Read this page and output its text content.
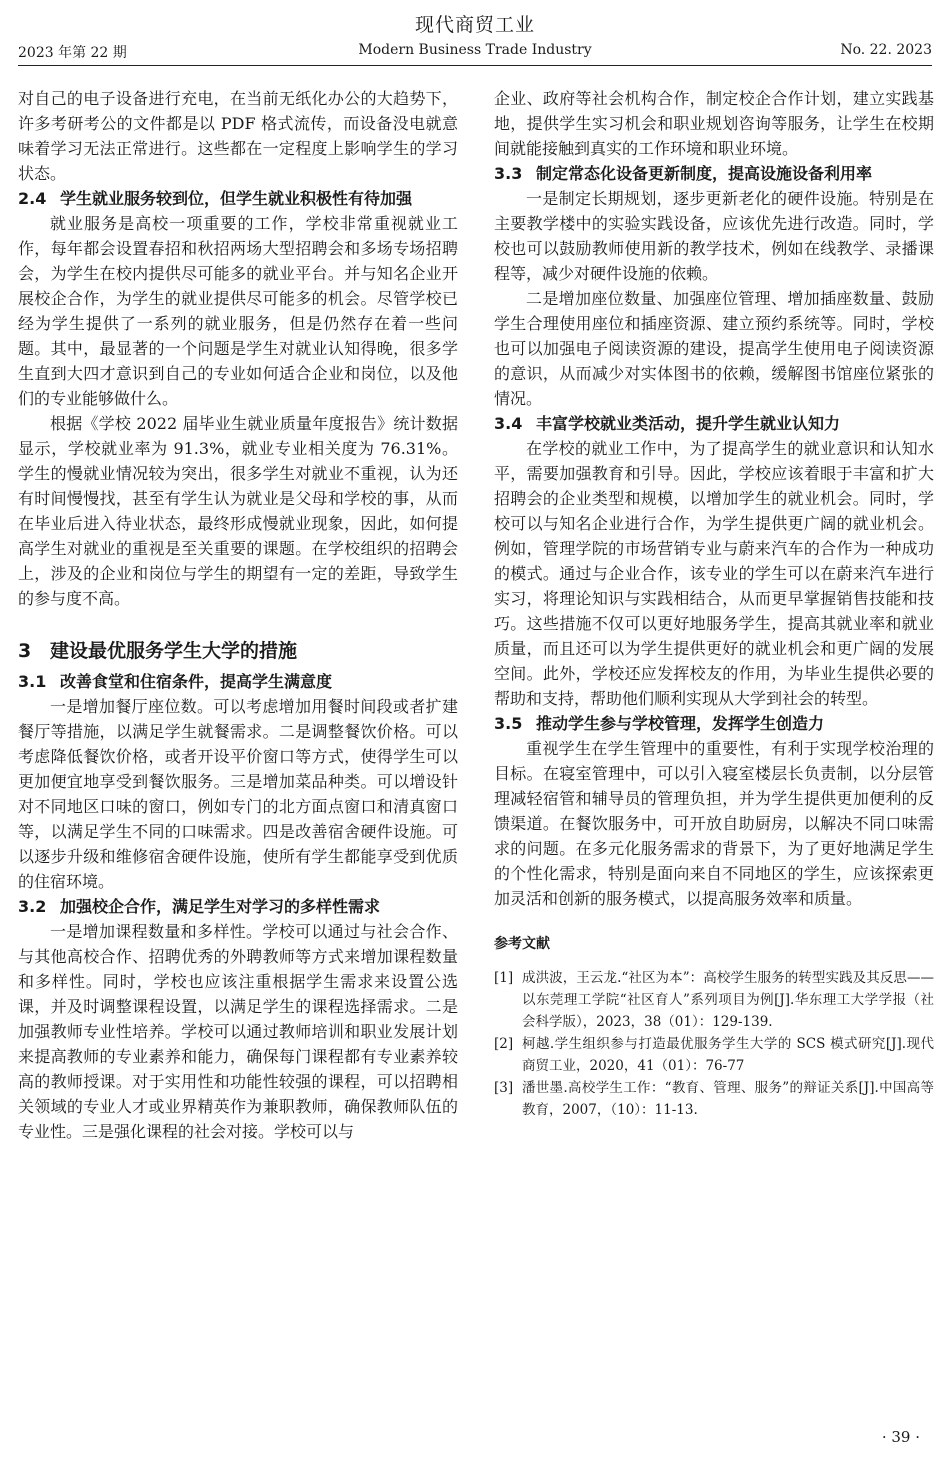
现代商贸工业
Modern Business Trade Industry
2023 年第 22 期	No. 22. 2023

对自己的电子设备进行充电，在当前无纸化办公的大趋势下，许多考研考公的文件都是以 PDF 格式流传，而设备没电就意味着学习无法正常进行。这些都在一定程度上影响学生的学习状态。

2.4 学生就业服务较到位，但学生就业积极性有待加强

就业服务是高校一项重要的工作，学校非常重视就业工作，每年都会设置春招和秋招两场大型招聘会和多场专场招聘会，为学生在校内提供尽可能多的就业平台。并与知名企业开展校企合作，为学生的就业提供尽可能多的机会。尽管学校已经为学生提供了一系列的就业服务，但是仍然存在着一些问题。其中，最显著的一个问题是学生对就业认知得晚，很多学生直到大四才意识到自己的专业如何适合企业和岗位，以及他们的专业能够做什么。

根据《学校 2022 届毕业生就业质量年度报告》统计数据显示，学校就业率为 91.3%，就业专业相关度为 76.31%。学生的慢就业情况较为突出，很多学生对就业不重视，认为还有时间慢慢找，甚至有学生认为就业是父母和学校的事，从而在毕业后进入待业状态，最终形成慢就业现象，因此，如何提高学生对就业的重视是至关重要的课题。在学校组织的招聘会上，涉及的企业和岗位与学生的期望有一定的差距，导致学生的参与度不高。

3 建设最优服务学生大学的措施
3.1 改善食堂和住宿条件，提高学生满意度

一是增加餐厅座位数。可以考虑增加用餐时间段或者扩建餐厅等措施，以满足学生就餐需求。二是调整餐饮价格。可以考虑降低餐饮价格，或者开设平价窗口等方式，使得学生可以更加便宜地享受到餐饮服务。三是增加菜品种类。可以增设针对不同地区口味的窗口，例如专门的北方面点窗口和清真窗口等，以满足学生不同的口味需求。四是改善宿舍硬件设施。可以逐步升级和维修宿舍硬件设施，使所有学生都能享受到优质的住宿环境。

3.2 加强校企合作，满足学生对学习的多样性需求

一是增加课程数量和多样性。学校可以通过与社会合作、与其他高校合作、招聘优秀的外聘教师等方式来增加课程数量和多样性。同时，学校也应该注重根据学生需求来设置公选课，并及时调整课程设置，以满足学生的课程选择需求。二是加强教师专业性培养。学校可以通过教师培训和职业发展计划来提高教师的专业素养和能力，确保每门课程都有专业素养较高的教师授课。对于实用性和功能性较强的课程，可以招聘相关领域的专业人才或业界精英作为兼职教师，确保教师队伍的专业性。三是强化课程的社会对接。学校可以与

企业、政府等社会机构合作，制定校企合作计划，建立实践基地，提供学生实习机会和职业规划咨询等服务，让学生在校期间就能接触到真实的工作环境和职业环境。

3.3 制定常态化设备更新制度，提高设施设备利用率

一是制定长期规划，逐步更新老化的硬件设施。特别是在主要教学楼中的实验实践设备，应该优先进行改造。同时，学校也可以鼓励教师使用新的教学技术，例如在线教学、录播课程等，减少对硬件设施的依赖。

二是增加座位数量、加强座位管理、增加插座数量、鼓励学生合理使用座位和插座资源、建立预约系统等。同时，学校也可以加强电子阅读资源的建设，提高学生使用电子阅读资源的意识，从而减少对实体图书的依赖，缓解图书馆座位紧张的情况。

3.4 丰富学校就业类活动，提升学生就业认知力

在学校的就业工作中，为了提高学生的就业意识和认知水平，需要加强教育和引导。因此，学校应该着眼于丰富和扩大招聘会的企业类型和规模，以增加学生的就业机会。同时，学校可以与知名企业进行合作，为学生提供更广阔的就业机会。例如，管理学院的市场营销专业与蔚来汽车的合作为一种成功的模式。通过与企业合作，该专业的学生可以在蔚来汽车进行实习，将理论知识与实践相结合，从而更早掌握销售技能和技巧。这些措施不仅可以更好地服务学生，提高其就业率和就业质量，而且还可以为学生提供更好的就业机会和更广阔的发展空间。此外，学校还应发挥校友的作用，为毕业生提供必要的帮助和支持，帮助他们顺利实现从大学到社会的转型。

3.5 推动学生参与学校管理，发挥学生创造力

重视学生在学生管理中的重要性，有利于实现学校治理的目标。在寝室管理中，可以引入寝室楼层长负责制，以分层管理减轻宿管和辅导员的管理负担，并为学生提供更加便利的反馈渠道。在餐饮服务中，可开放自助厨房，以解决不同口味需求的问题。在多元化服务需求的背景下，为了更好地满足学生的个性化需求，特别是面向来自不同地区的学生，应该探索更加灵活和创新的服务模式，以提高服务效率和质量。

参考文献
[1] 成洪波，王云龙.“社区为本”：高校学生服务的转型实践及其反思——以东莞理工学院“社区育人”系列项目为例[J].华东理工大学学报（社会科学版），2023，38（01）：129-139.
[2] 柯越.学生组织参与打造最优服务学生大学的 SCS 模式研究[J].现代商贸工业，2020，41（01）：76-77
[3] 潘世墨.高校学生工作：“教育、管理、服务”的辩证关系[J].中国高等教育，2007，（10）：11-13.
· 39 ·
